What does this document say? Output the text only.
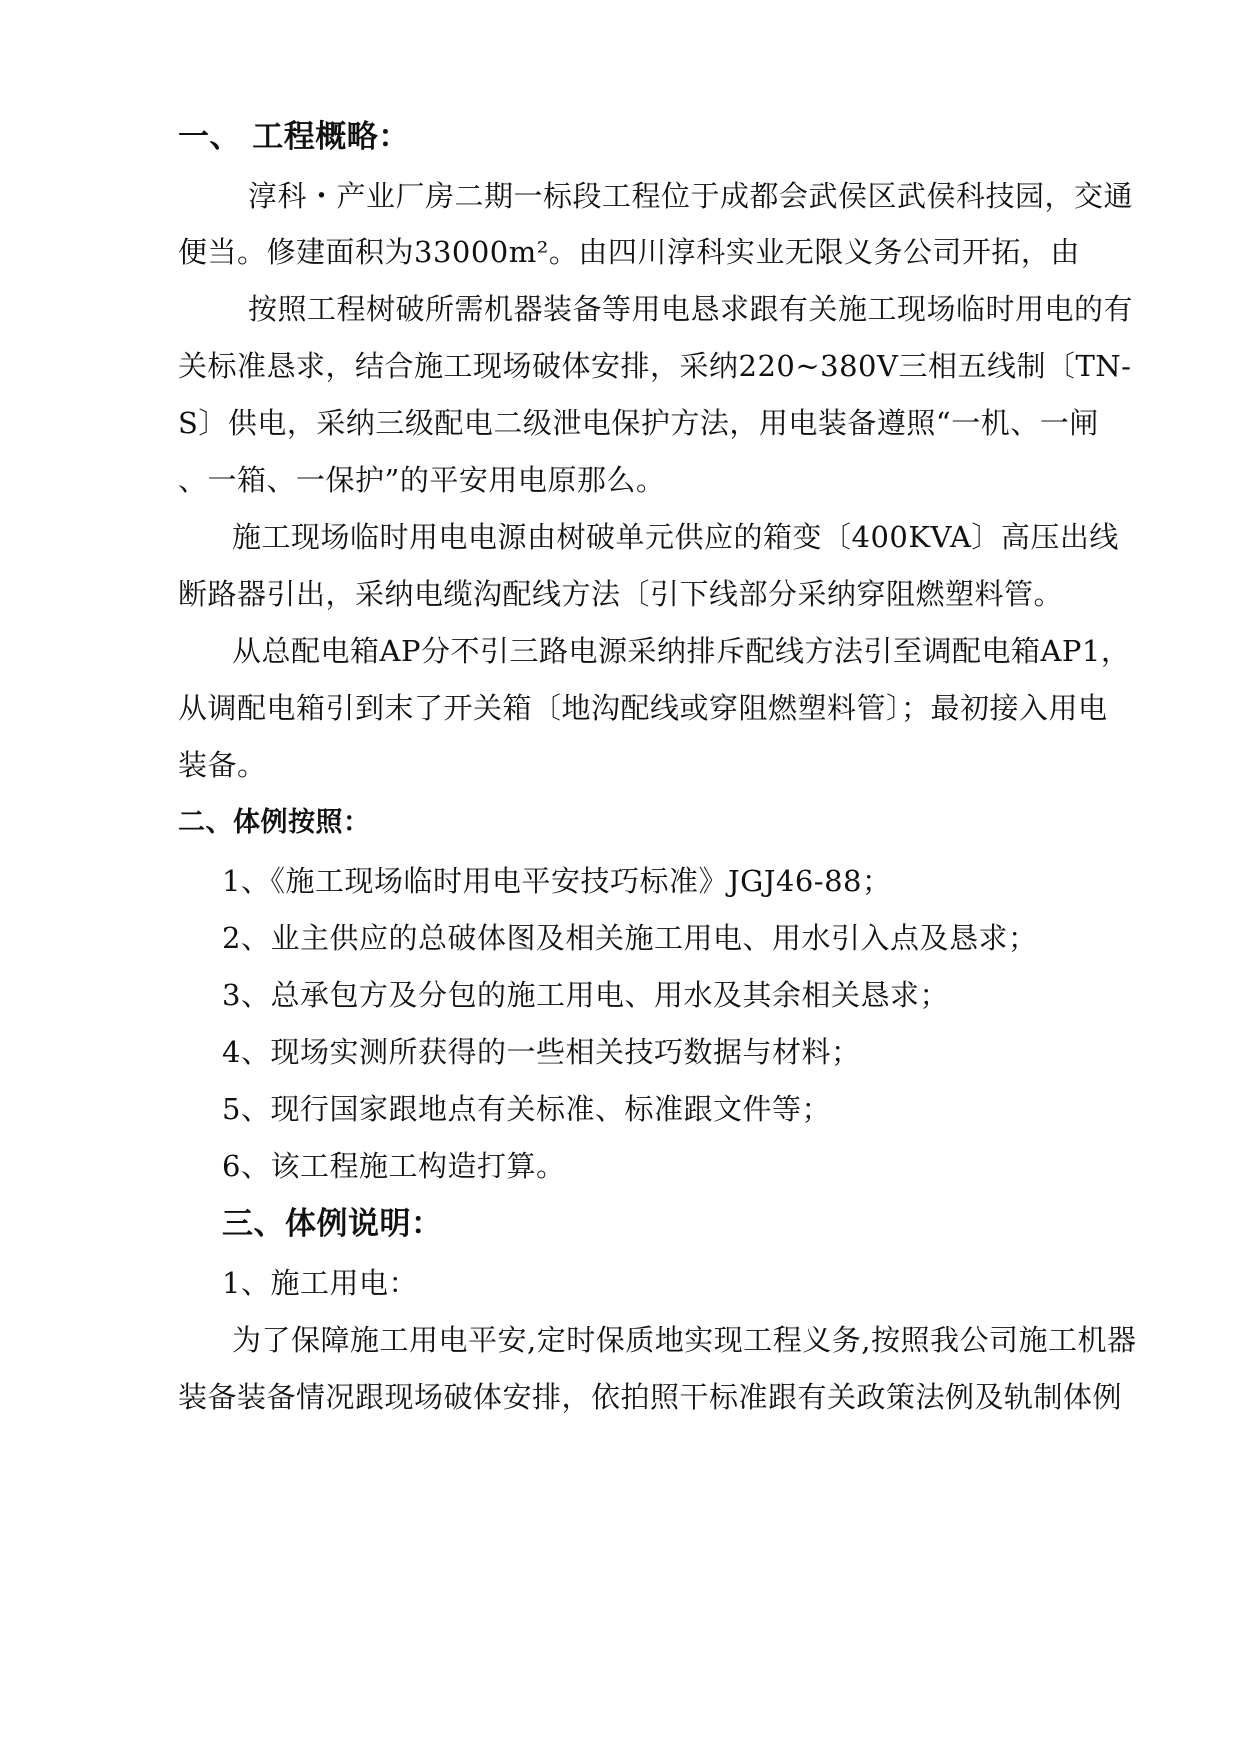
一、 工程概略：
淳科・产业厂房二期一标段工程位于成都会武侯区武侯科技园，交通
便当。修建面积为33000m²。由四川淳科实业无限义务公司开拓，由
按照工程树破所需机器装备等用电恳求跟有关施工现场临时用电的有
关标准恳求，结合施工现场破体安排，采纳220~380V三相五线制〔TN-
S〕供电，采纳三级配电二级泄电保护方法，用电装备遵照“一机、一闸
、一箱、一保护”的平安用电原那么。
施工现场临时用电电源由树破单元供应的箱变〔400KVA〕高压出线
断路器引出，采纳电缆沟配线方法〔引下线部分采纳穿阻燃塑料管。
从总配电箱AP分不引三路电源采纳排斥配线方法引至调配电箱AP1，
从调配电箱引到末了开关箱〔地沟配线或穿阻燃塑料管〕；最初接入用电
装备。
二、体例按照：
1、《施工现场临时用电平安技巧标准》JGJ46-88；
2、业主供应的总破体图及相关施工用电、用水引入点及恳求；
3、总承包方及分包的施工用电、用水及其余相关恳求；
4、现场实测所获得的一些相关技巧数据与材料；
5、现行国家跟地点有关标准、标准跟文件等；
6、该工程施工构造打算。
三、体例说明：
1、施工用电：
为了保障施工用电平安,定时保质地实现工程义务,按照我公司施工机器
装备装备情况跟现场破体安排，依拍照干标准跟有关政策法例及轨制体例
